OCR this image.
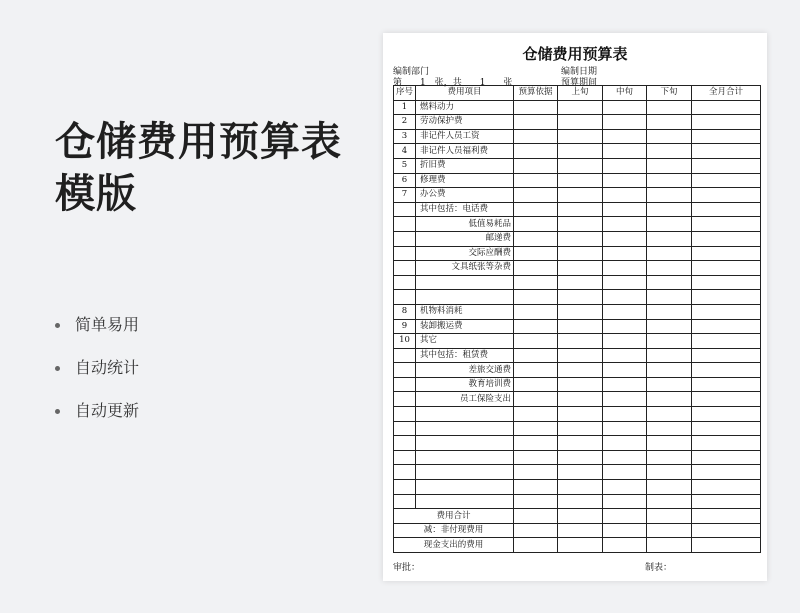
仓储费用预算表
模版
简单易用
自动统计
自动更新
仓储费用预算表
编制部门	编制日期
第　　1　张，共　　1　　张	预算期间
序号	费用项目	预算依据	上旬	中旬	下旬	全月合计
1	燃料动力					
2	劳动保护费					
3	非记件人员工资					
4	非记件人员福利费					
5	折旧费					
6	修理费					
7	办公费					
	其中包括：电话费					
	低值易耗品					
	邮递费					
	交际应酬费					
	文具纸张等杂费					

8	机物料消耗					
9	装卸搬运费					
10	其它					
	其中包括：租赁费					
	差旅交通费					
	教育培训费					
	员工保险支出					

费用合计						
减：非付现费用						
现金支出的费用						
审批：	制表：
